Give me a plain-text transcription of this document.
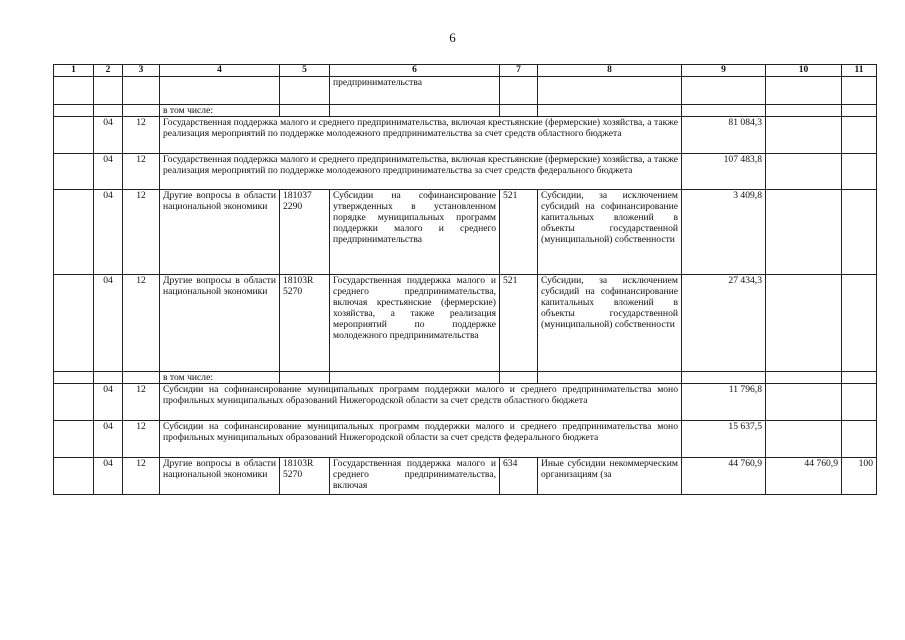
6
1	2	3	4	5	6	7	8	9	10	11
					предпринимательства					
			в том числе:							
	04	12	Государственная поддержка малого и среднего предпринимательства, включая крестьянские (фермерские) хозяйства, а также реализация мероприятий по поддержке молодежного предпринимательства за счет средств областного бюджета					81 084,3		
	04	12	Государственная поддержка малого и среднего предпринимательства, включая крестьянские (фермерские) хозяйства, а также реализация мероприятий по поддержке молодежного предпринимательства за счет средств федерального бюджета					107 483,8		
	04	12	Другие вопросы в области национальной экономики	181037 2290	Субсидии на софинансирование утвержденных в установленном порядке муниципальных программ поддержки малого и среднего предпринимательства	521	Субсидии, за исключением субсидий на софинансирование капитальных вложений в объекты государственной (муниципальной) собственности	3 409,8		
	04	12	Другие вопросы в области национальной экономики	18103R 5270	Государственная поддержка малого и среднего предпринимательства, включая крестьянские (фермерские) хозяйства, а также реализация мероприятий по поддержке молодежного предпринимательства	521	Субсидии, за исключением субсидий на софинансирование капитальных вложений в объекты государственной (муниципальной) собственности	27 434,3		
			в том числе:							
	04	12	Субсидии на софинансирование муниципальных программ поддержки малого и среднего предпринимательства моно профильных муниципальных образований Нижегородской области за счет средств областного бюджета					11 796,8		
	04	12	Субсидии на софинансирование муниципальных программ поддержки малого и среднего предпринимательства моно профильных муниципальных образований Нижегородской области за счет средств федерального бюджета					15 637,5		
	04	12	Другие вопросы в области национальной экономики	18103R 5270	Государственная поддержка малого и среднего предпринимательства, включая	634	Иные субсидии некоммерческим организациям (за	44 760,9	44 760,9	100
